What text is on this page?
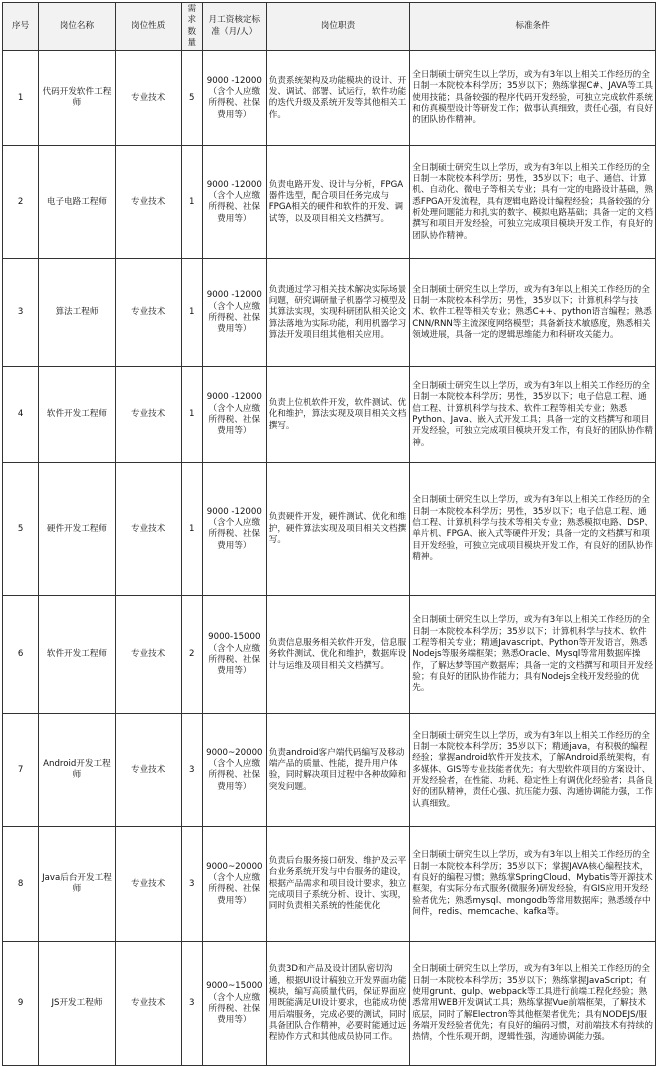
序号	岗位名称	岗位性质	需求数量	月工资核定标准（月/人）	岗位职责	标准条件
1	代码开发软件工程师	专业技术	5	9000 -12000（含个人应缴所得税、社保费用等）	负责系统架构及功能模块的设计、开发、调试、部署、试运行，软件功能的迭代升级及系统开发等其他相关工作。	全日制硕士研究生以上学历，或为有3年以上相关工作经历的全日制一本院校本科学历；35岁以下；熟练掌握C#、JAVA等工具使用技能；具备较强的程序代码开发经验，可独立完成软件系统和仿真模型设计等研发工作；做事认真细致，责任心强，有良好的团队协作精神。
2	电子电路工程师	专业技术	1	9000 -12000（含个人应缴所得税、社保费用等）	负责电路开发、设计与分析，FPGA器件选型，配合项目任务完成与FPGA相关的硬件和软件的开发、调试等，以及项目相关文档撰写。	全日制硕士研究生以上学历，或为有3年以上相关工作经历的全日制一本院校本科学历；男性，35岁以下；电子、通信、计算机、自动化、微电子等相关专业；具有一定的电路设计基础，熟悉FPGA开发流程，具有逻辑电路设计编程经验；具备较强的分析处理问题能力和扎实的数字、模拟电路基础；具备一定的文档撰写和项目开发经验，可独立完成项目模块开发工作，有良好的团队协作精神。
3	算法工程师	专业技术	1	9000 -12000（含个人应缴所得税、社保费用等）	负责通过学习相关技术解决实际场景问题，研究调研量子机器学习模型及其算法实现，实现科研团队相关论文算法落地为实际功能，利用机器学习算法开发项目组其他相关应用。	全日制硕士研究生以上学历，或为有3年以上相关工作经历的全日制一本院校本科学历；男性，35岁以下；计算机科学与技术、软件工程等相关专业；熟悉C++、python语言编程；熟悉CNN/RNN等主流深度网络模型；具备新技术敏感度，熟悉相关领域进展，具备一定的逻辑思维能力和科研攻关能力。
4	软件开发工程师	专业技术	1	9000 -12000（含个人应缴所得税、社保费用等）	负责上位机软件开发，软件测试、优化和维护，算法实现及项目相关文档撰写。	全日制硕士研究生以上学历，或为有3年以上相关工作经历的全日制一本院校本科学历；男性，35岁以下；电子信息工程、通信工程、计算机科学与技术、软件工程等相关专业；熟悉Python、Java、嵌入式开发工具；具备一定的文档撰写和项目开发经验，可独立完成项目模块开发工作，有良好的团队协作精神。
5	硬件开发工程师	专业技术	1	9000 -12000（含个人应缴所得税、社保费用等）	负责硬件开发，硬件测试、优化和维护，硬件算法实现及项目相关文档撰写。	全日制硕士研究生以上学历，或为有3年以上相关工作经历的全日制一本院校本科学历；男性，35岁以下；电子信息工程、通信工程、计算机科学与技术等相关专业；熟悉模拟电路、DSP、单片机、FPGA、嵌入式等硬件开发；具备一定的文档撰写和项目开发经验，可独立完成项目模块开发工作，有良好的团队协作精神。
6	软件开发工程师	专业技术	2	9000-15000（含个人应缴所得税、社保费用等）	负责信息服务相关软件开发，信息服务软件测试、优化和维护，数据库设计与运维及项目相关文档撰写。	全日制硕士研究生以上学历，或为有3年以上相关工作经历的全日制一本院校本科学历；35岁以下；计算机科学与技术、软件工程等相关专业；精通Javascript、Python等开发语言，熟悉Nodejs等服务端框架；熟悉Oracle、Mysql等常用数据库操作，了解达梦等国产数据库；具备一定的文档撰写和项目开发经验；有良好的团队协作能力；具有Nodejs全栈开发经验的优先。
7	Android开发工程师	专业技术	3	9000~20000（含个人应缴所得税、社保费用等）	负责android客户端代码编写及移动端产品的质量、性能，提升用户体验，同时解决项目过程中各种故障和突发问题。	全日制硕士研究生以上学历，或为有3年以上相关工作经历的全日制一本院校本科学历；35岁以下；精通java，有积极的编程经验；掌握android软件开发技术，了解Android系统架构，有多媒体、GIS等专业技能者优先；有大型软件项目的方案设计、开发经验者，在性能、功耗、稳定性上有调优化经验者；具备良好的团队精神，责任心强、抗压能力强、沟通协调能力强，工作认真细致。
8	Java后台开发工程师	专业技术	3	9000~20000（含个人应缴所得税、社保费用等）	负责后台服务接口研发、维护及云平台业务系统开发与中台服务的建设，根据产品需求和项目设计要求，独立完成项目子系统分析、设计、实现，同时负责相关系统的性能优化	全日制硕士研究生以上学历，或为有3年以上相关工作经历的全日制一本院校本科学历；35岁以下；掌握JAVA核心编程技术，有良好的编程习惯；熟练掌SpringCloud、Mybatis等开源技术框架，有实际分布式服务(微服务)研发经验，有GIS应用开发经验者优先；熟悉mysql、mongodb等常用数据库；熟悉缓存中间件，redis、memcache、kafka等。
9	JS开发工程师	专业技术	3	9000~15000（含个人应缴所得税、社保费用等）	负责3D和产品及设计团队密切沟通，根据UI设计稿独立开发界面功能模块，编写高质量代码，保证界面应用既能满足UI设计要求，也能成功使用后端服务，完成必要的测试，同时具备团队合作精神，必要时能通过远程协作方式和其他成员协同工作。	全日制硕士研究生以上学历，或为有3年以上相关工作经历的全日制一本院校本科学历；35岁以下；熟练掌握JavaScript；有使用grunt、gulp、webpack等工具进行前端工程化经验；熟悉常用WEB开发调试工具；熟练掌握Vue前端框架，了解技术底层，同时了解Electron等其他框架者优先；具有NODEJS/服务端开发经验者优先；有良好的编码习惯，对前端技术有持续的热情，个性乐观开朗，逻辑性强，沟通协调能力强。
